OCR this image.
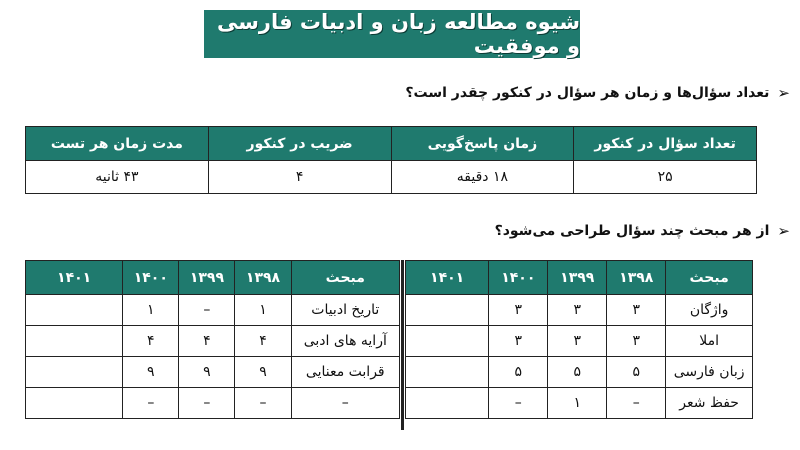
شیوه مطالعه زبان و ادبیات فارسی و موفقیت
➢
تعداد سؤال‌ها و زمان هر سؤال در کنکور چقدر است؟
تعداد سؤال در کنکور	زمان پاسخ‌گویی	ضریب در کنکور	مدت زمان هر تست
۲۵	۱۸ دقیقه	۴	۴۳ ثانیه
➢
از هر مبحث چند سؤال طراحی می‌شود؟
مبحث	۱۳۹۸	۱۳۹۹	۱۴۰۰	۱۴۰۱
واژگان	۳	۳	۳	
املا	۳	۳	۳	
زبان فارسی	۵	۵	۵	
حفظ شعر	–	۱	–	
مبحث	۱۳۹۸	۱۳۹۹	۱۴۰۰	۱۴۰۱
تاریخ ادبیات	۱	–	۱	
آرایه های ادبی	۴	۴	۴	
قرابت معنایی	۹	۹	۹	
–	–	–	–	
